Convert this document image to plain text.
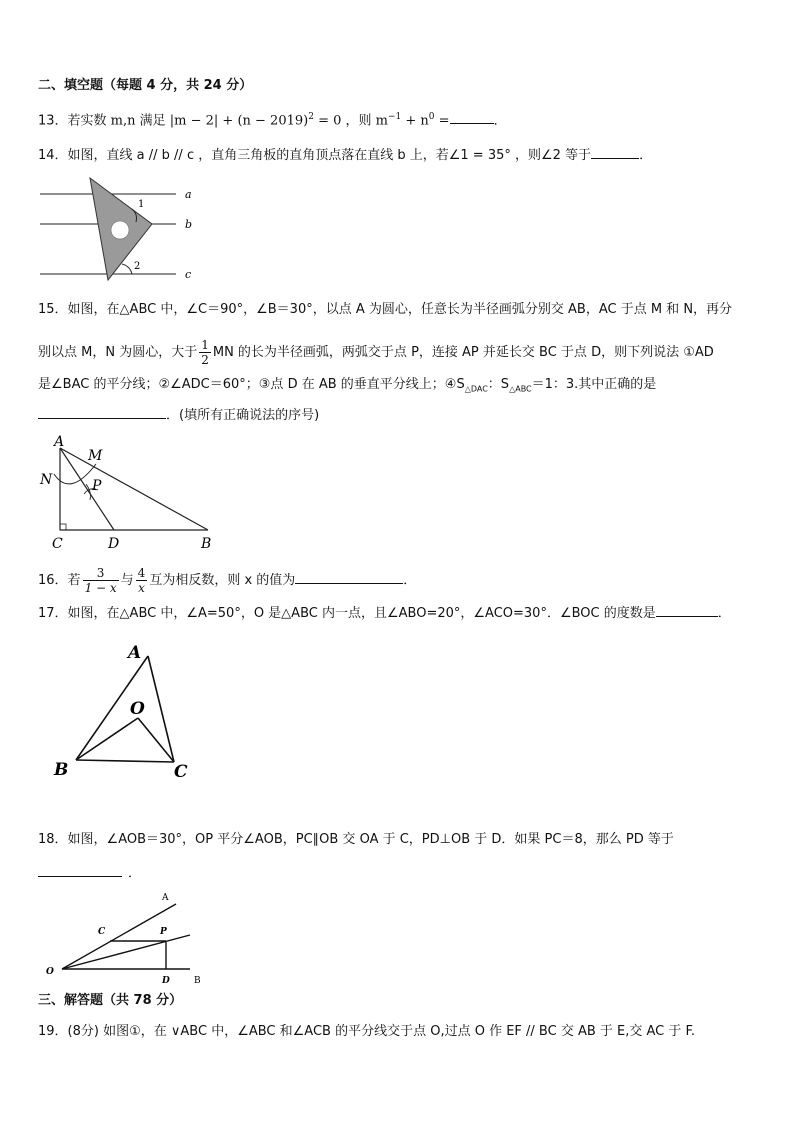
二、填空题（每题 4 分，共 24 分）
13．若实数 m,n 满足 $|m - 2| + (n - 2019)^2 = 0$ ，则 $m^{-1} + n^0$ =	．
14．如图，直线 a // b // c ，直角三角板的直角顶点落在直线 b 上，若∠1 = 35° ，则∠2 等于	．
1
2
a
b
c
15．如图，在△ABC 中，∠C＝90°，∠B＝30°，以点 A 为圆心，任意长为半径画弧分别交 AB，AC 于点 M 和 N，再分
别以点 M，N 为圆心，大于 $\frac{1}{2}$ MN 的长为半径画弧，两弧交于点 P，连接 AP 并延长交 BC 于点 D，则下列说法 ①AD
是∠BAC 的平分线；②∠ADC＝60°；③点 D 在 AB 的垂直平分线上；$④S_{\triangle DAC}$：$S_{\triangle ABC}=1$：3.其中正确的是
．(填所有正确说法的序号)
A
M
N	P
C	D	B
16．若 $\frac{3}{1 - x}$ 与 $\frac{4}{x}$ 互为相反数，则 x 的值为	．
17．如图，在△ABC 中，∠A=50°，O 是△ABC 内一点，且∠ABO=20°，∠ACO=30°．∠BOC 的度数是	．
A
O
B	C
18．如图，∠AOB＝30°，OP 平分∠AOB，PC∥OB 交 OA 于 C，PD⊥OB 于 D．如果 PC＝8，那么 PD 等于
．
A
C	P
O
D	B
三、解答题（共 78 分）
19．(8分) 如图①，在 ∨ABC 中，∠ABC 和∠ACB 的平分线交于点 O,过点 O 作 EF // BC 交 AB 于 E,交 AC 于 F.
